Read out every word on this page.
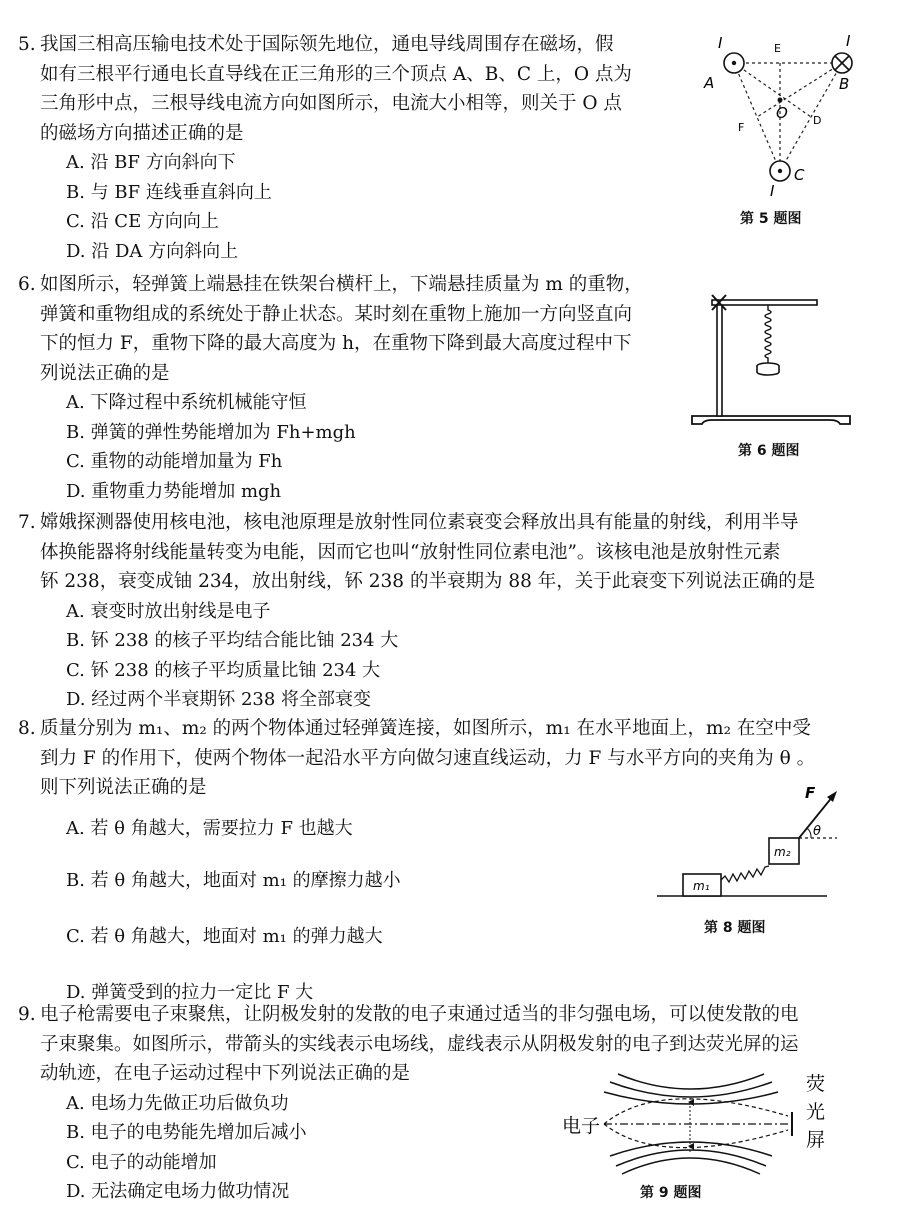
5. 我国三相高压输电技术处于国际领先地位，通电导线周围存在磁场，假

如有三根平行通电长直导线在正三角形的三个顶点 A、B、C 上，O 点为

三角形中点，三根导线电流方向如图所示，电流大小相等，则关于 O 点

的磁场方向描述正确的是

A. 沿 BF 方向斜向下
B. 与 BF 连线垂直斜向上
C. 沿 CE 方向向上
D. 沿 DA 方向斜向上
I	I
I
A	B
C
E
O
F
D
第 5 题图

6. 如图所示，轻弹簧上端悬挂在铁架台横杆上，下端悬挂质量为 m 的重物，

弹簧和重物组成的系统处于静止状态。某时刻在重物上施加一方向竖直向

下的恒力 F，重物下降的最大高度为 h，在重物下降到最大高度过程中下

列说法正确的是

A. 下降过程中系统机械能守恒
B. 弹簧的弹性势能增加为 Fh+mgh
C. 重物的动能增加量为 Fh
D. 重物重力势能增加 mgh
第 6 题图

7. 嫦娥探测器使用核电池，核电池原理是放射性同位素衰变会释放出具有能量的射线，利用半导

体换能器将射线能量转变为电能，因而它也叫“放射性同位素电池”。该核电池是放射性元素

钚 238，衰变成铀 234，放出射线，钚 238 的半衰期为 88 年，关于此衰变下列说法正确的是

A. 衰变时放出射线是电子
B. 钚 238 的核子平均结合能比铀 234 大
C. 钚 238 的核子平均质量比铀 234 大
D. 经过两个半衰期钚 238 将全部衰变

8. 质量分别为 m₁、m₂ 的两个物体通过轻弹簧连接，如图所示，m₁ 在水平地面上，m₂ 在空中受

到力 F 的作用下，使两个物体一起沿水平方向做匀速直线运动，力 F 与水平方向的夹角为 θ 。

则下列说法正确的是

A. 若 θ 角越大，需要拉力 F 也越大
B. 若 θ 角越大，地面对 m₁ 的摩擦力越小
C. 若 θ 角越大，地面对 m₁ 的弹力越大
D. 弹簧受到的拉力一定比 F 大
F
θ
m₁
m₂
第 8 题图

9. 电子枪需要电子束聚焦，让阴极发射的发散的电子束通过适当的非匀强电场，可以使发散的电

子束聚集。如图所示，带箭头的实线表示电场线，虚线表示从阴极发射的电子到达荧光屏的运

动轨迹，在电子运动过程中下列说法正确的是

A. 电场力先做正功后做负功
B. 电子的电势能先增加后减小
C. 电子的动能增加
D. 无法确定电场力做功情况
电子
荧
光
屏
第 9 题图
